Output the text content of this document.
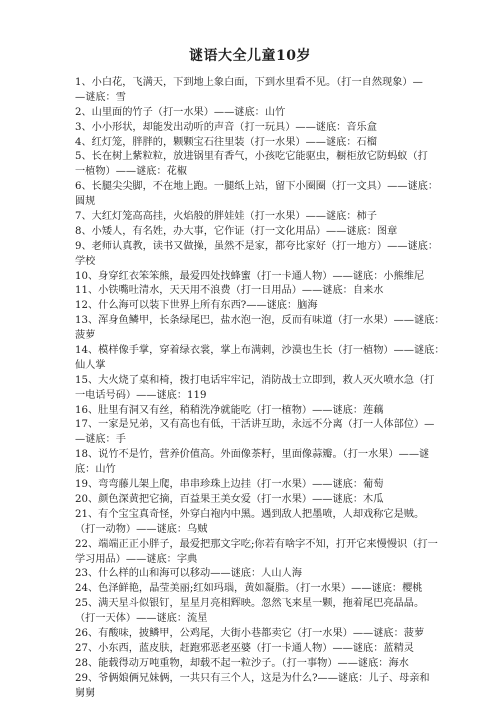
谜语大全儿童10岁
1、小白花，飞满天，下到地上象白面，下到水里看不见。（打一自然现象）—
—谜底：雪
2、山里面的竹子（打一水果）——谜底：山竹
3、小小形状，却能发出动听的声音（打一玩具）——谜底：音乐盒
4、红灯笼，胖胖的，颗颗宝石往里装（打一水果）——谜底：石榴
5、长在树上紫粒粒，放进锅里有香气，小孩吃它能驱虫，橱柜放它防蚂蚁（打
一植物）——谜底：花椒
6、长腿尖尖脚，不在地上跑。一腿纸上站，留下小圈圈（打一文具）——谜底：
圆规
7、大红灯笼高高挂，火焰般的胖娃娃（打一水果）——谜底：柿子
8、小矮人，有名姓，办大事，它作证（打一文化用品）——谜底：图章
9、老师认真教，读书又做操，虽然不是家，都夸比家好（打一地方）——谜底：
学校
10、身穿红衣笨笨熊，最爱四处找蜂蜜（打一卡通人物）——谜底：小熊维尼
11、小铁嘴吐清水，天天用不浪费（打一日用品）——谜底：自来水
12、什么海可以装下世界上所有东西?——谜底：脑海
13、浑身鱼鳞甲，长条绿尾巴，盐水泡一泡，反而有味道（打一水果）——谜底：
菠萝
14、模样像手掌，穿着绿衣裳，掌上布满刺，沙漠也生长（打一植物）——谜底：
仙人掌
15、大火烧了桌和椅，拨打电话牢牢记，消防战士立即到，救人灭火喷水急（打
一电话号码）——谜底：119
16、肚里有洞又有丝，稍稍洗净就能吃（打一植物）——谜底：莲藕
17、一家是兄弟，又有高也有低，干活讲互助，永远不分离（打一人体部位）—
—谜底：手
18、说竹不是竹，营养价值高。外面像茶籽，里面像蒜瓣。（打一水果）——谜
底：山竹
19、弯弯藤儿架上爬，串串珍珠上边挂（打一水果）——谜底：葡萄
20、颜色深黄把它摘，百益果王美女爱（打一水果）——谜底：木瓜
21、有个宝宝真奇怪，外穿白袍内中黑。遇到敌人把墨喷，人却戏称它是贼。
（打一动物）——谜底：乌贼
22、端端正正小胖子，最爱把那文字吃;你若有啥字不知，打开它来慢慢识（打一
学习用品）——谜底：字典
23、什么样的山和海可以移动——谜底：人山人海
24、色泽鲜艳，晶莹美丽;红如玛瑙，黄如凝脂。（打一水果）——谜底：樱桃
25、满天星斗似银钉，星星月亮相辉映。忽然飞来星一颗，拖着尾巴亮晶晶。
（打一天体）——谜底：流星
26、有酸味，披鳞甲，公鸡尾，大街小巷都卖它（打一水果）——谜底：菠萝
27、小东西，蓝皮肤，赶跑邪恶老巫婆（打一卡通人物）——谜底：蓝精灵
28、能载得动万吨重物，却载不起一粒沙子。（打一事物）——谜底：海水
29、爷俩娘俩兄妹俩，一共只有三个人，这是为什么?——谜底：儿子、母亲和
舅舅
